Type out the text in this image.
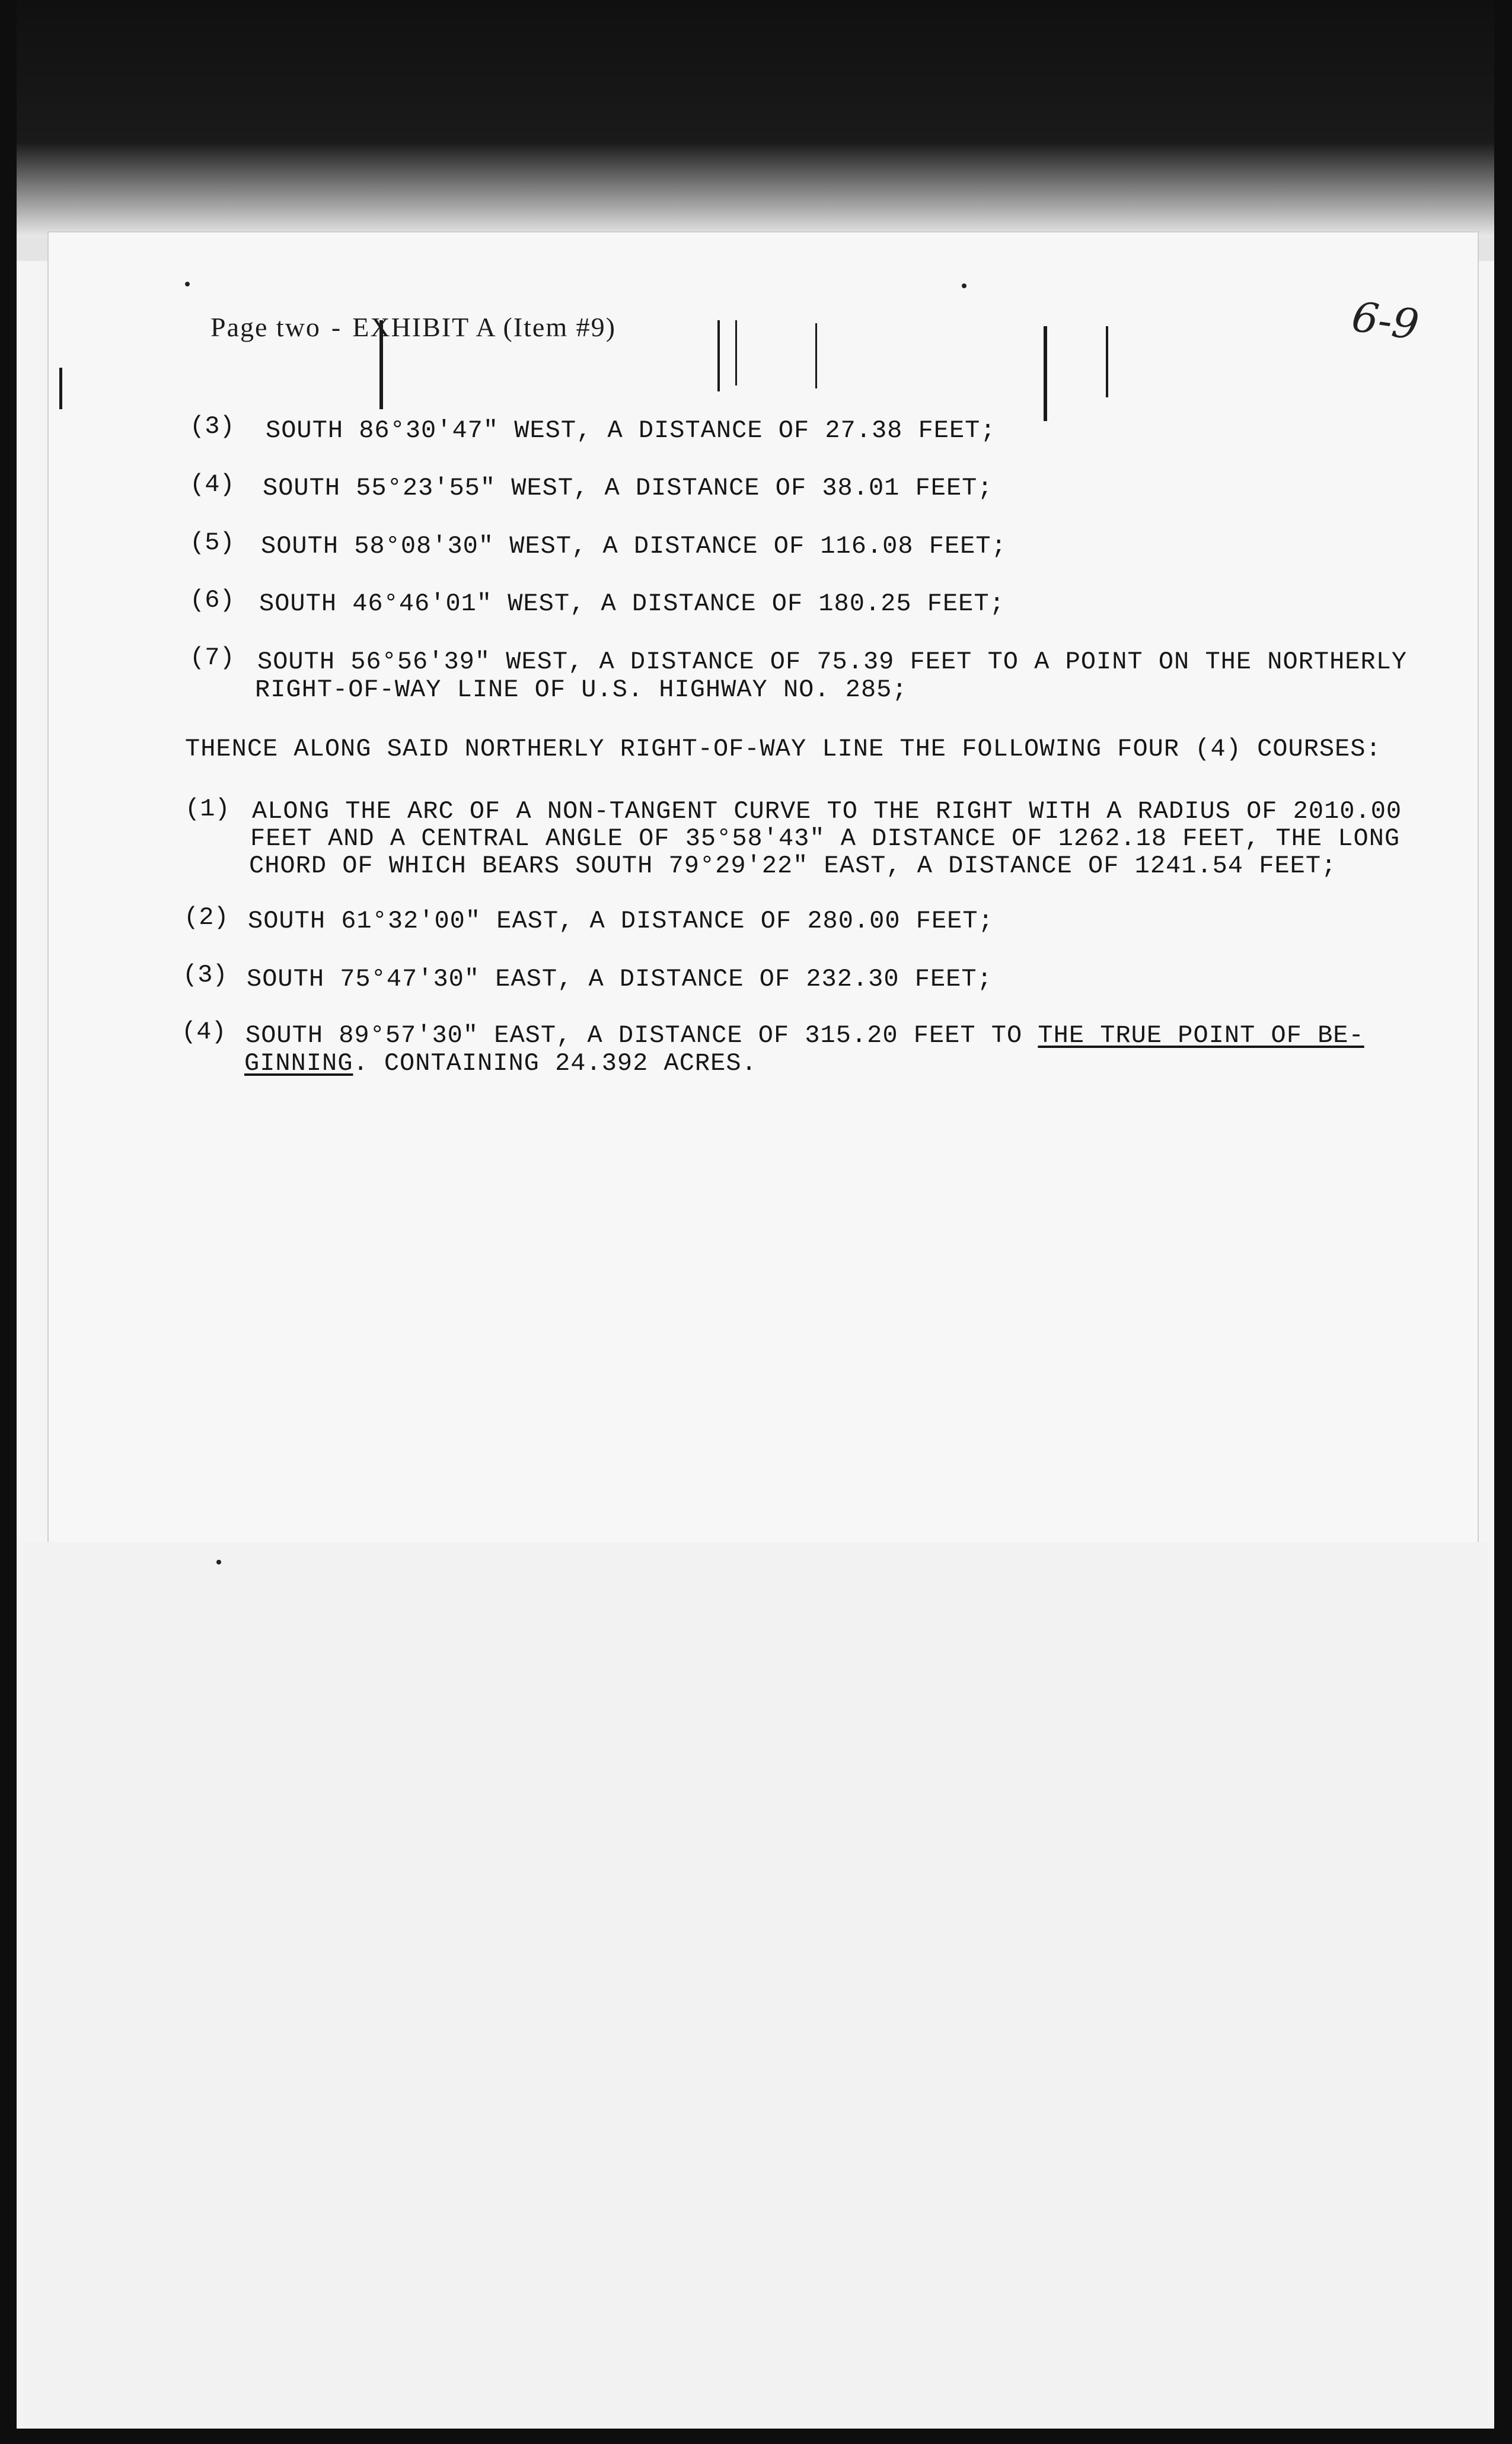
Page two - EXHIBIT A (Item #9)	6-9
(3) SOUTH 86°30'47" WEST, A DISTANCE OF 27.38 FEET;
(4) SOUTH 55°23'55" WEST, A DISTANCE OF 38.01 FEET;
(5) SOUTH 58°08'30" WEST, A DISTANCE OF 116.08 FEET;
(6) SOUTH 46°46'01" WEST, A DISTANCE OF 180.25 FEET;
(7) SOUTH 56°56'39" WEST, A DISTANCE OF 75.39 FEET TO A POINT ON THE NORTHERLY
RIGHT-OF-WAY LINE OF U.S. HIGHWAY NO. 285;
THENCE ALONG SAID NORTHERLY RIGHT-OF-WAY LINE THE FOLLOWING FOUR (4) COURSES:
(1) ALONG THE ARC OF A NON-TANGENT CURVE TO THE RIGHT WITH A RADIUS OF 2010.00
FEET AND A CENTRAL ANGLE OF 35°58'43" A DISTANCE OF 1262.18 FEET, THE LONG
CHORD OF WHICH BEARS SOUTH 79°29'22" EAST, A DISTANCE OF 1241.54 FEET;
(2) SOUTH 61°32'00" EAST, A DISTANCE OF 280.00 FEET;
(3) SOUTH 75°47'30" EAST, A DISTANCE OF 232.30 FEET;
(4) SOUTH 89°57'30" EAST, A DISTANCE OF 315.20 FEET TO THE TRUE POINT OF BE-
GINNING. CONTAINING 24.392 ACRES.
